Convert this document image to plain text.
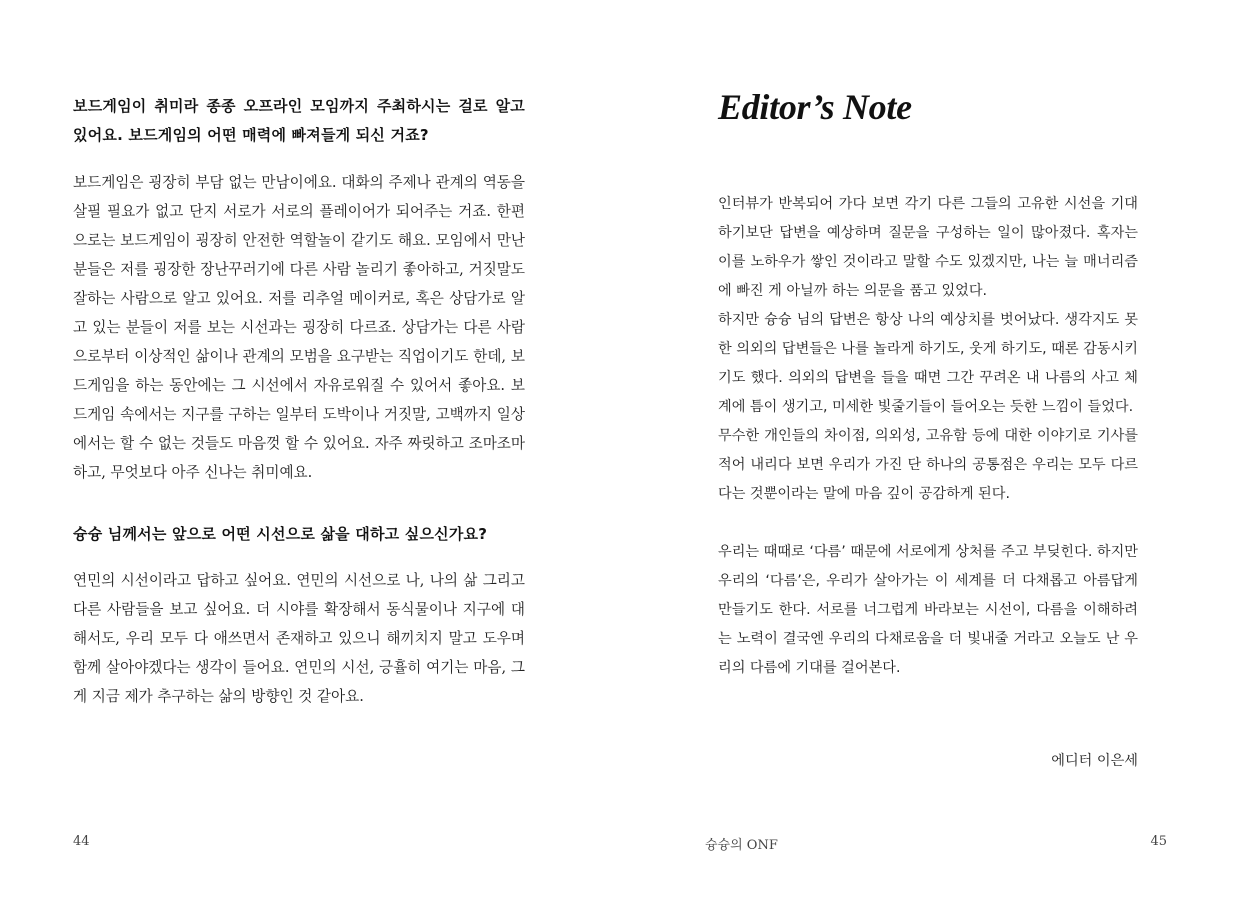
보드게임이 취미라 종종 오프라인 모임까지 주최하시는 걸로 알고 있어요. 보드게임의 어떤 매력에 빠져들게 되신 거죠?

보드게임은 굉장히 부담 없는 만남이에요. 대화의 주제나 관계의 역동을 살필 필요가 없고 단지 서로가 서로의 플레이어가 되어주는 거죠. 한편으로는 보드게임이 굉장히 안전한 역할놀이 같기도 해요. 모임에서 만난 분들은 저를 굉장한 장난꾸러기에 다른 사람 놀리기 좋아하고, 거짓말도 잘하는 사람으로 알고 있어요. 저를 리추얼 메이커로, 혹은 상담가로 알고 있는 분들이 저를 보는 시선과는 굉장히 다르죠. 상담가는 다른 사람으로부터 이상적인 삶이나 관계의 모범을 요구받는 직업이기도 한데, 보드게임을 하는 동안에는 그 시선에서 자유로워질 수 있어서 좋아요. 보드게임 속에서는 지구를 구하는 일부터 도박이나 거짓말, 고백까지 일상에서는 할 수 없는 것들도 마음껏 할 수 있어요. 자주 짜릿하고 조마조마하고, 무엇보다 아주 신나는 취미예요.

슝슝 님께서는 앞으로 어떤 시선으로 삶을 대하고 싶으신가요?

연민의 시선이라고 답하고 싶어요. 연민의 시선으로 나, 나의 삶 그리고 다른 사람들을 보고 싶어요. 더 시야를 확장해서 동식물이나 지구에 대해서도, 우리 모두 다 애쓰면서 존재하고 있으니 해끼치지 말고 도우며 함께 살아야겠다는 생각이 들어요. 연민의 시선, 긍휼히 여기는 마음, 그게 지금 제가 추구하는 삶의 방향인 것 같아요.

44
Editor’s Note

인터뷰가 반복되어 가다 보면 각기 다른 그들의 고유한 시선을 기대하기보단 답변을 예상하며 질문을 구성하는 일이 많아졌다. 혹자는 이를 노하우가 쌓인 것이라고 말할 수도 있겠지만, 나는 늘 매너리즘에 빠진 게 아닐까 하는 의문을 품고 있었다.

하지만 슝슝 님의 답변은 항상 나의 예상치를 벗어났다. 생각지도 못한 의외의 답변들은 나를 놀라게 하기도, 웃게 하기도, 때론 감동시키기도 했다. 의외의 답변을 들을 때면 그간 꾸려온 내 나름의 사고 체계에 틈이 생기고, 미세한 빛줄기들이 들어오는 듯한 느낌이 들었다.

무수한 개인들의 차이점, 의외성, 고유함 등에 대한 이야기로 기사를 적어 내리다 보면 우리가 가진 단 하나의 공통점은 우리는 모두 다르다는 것뿐이라는 말에 마음 깊이 공감하게 된다.

우리는 때때로 ‘다름’ 때문에 서로에게 상처를 주고 부딪힌다. 하지만 우리의 ‘다름’은, 우리가 살아가는 이 세계를 더 다채롭고 아름답게 만들기도 한다. 서로를 너그럽게 바라보는 시선이, 다름을 이해하려는 노력이 결국엔 우리의 다채로움을 더 빛내줄 거라고 오늘도 난 우리의 다름에 기대를 걸어본다.

에디터 이은세
슝슝의 ONF	45
